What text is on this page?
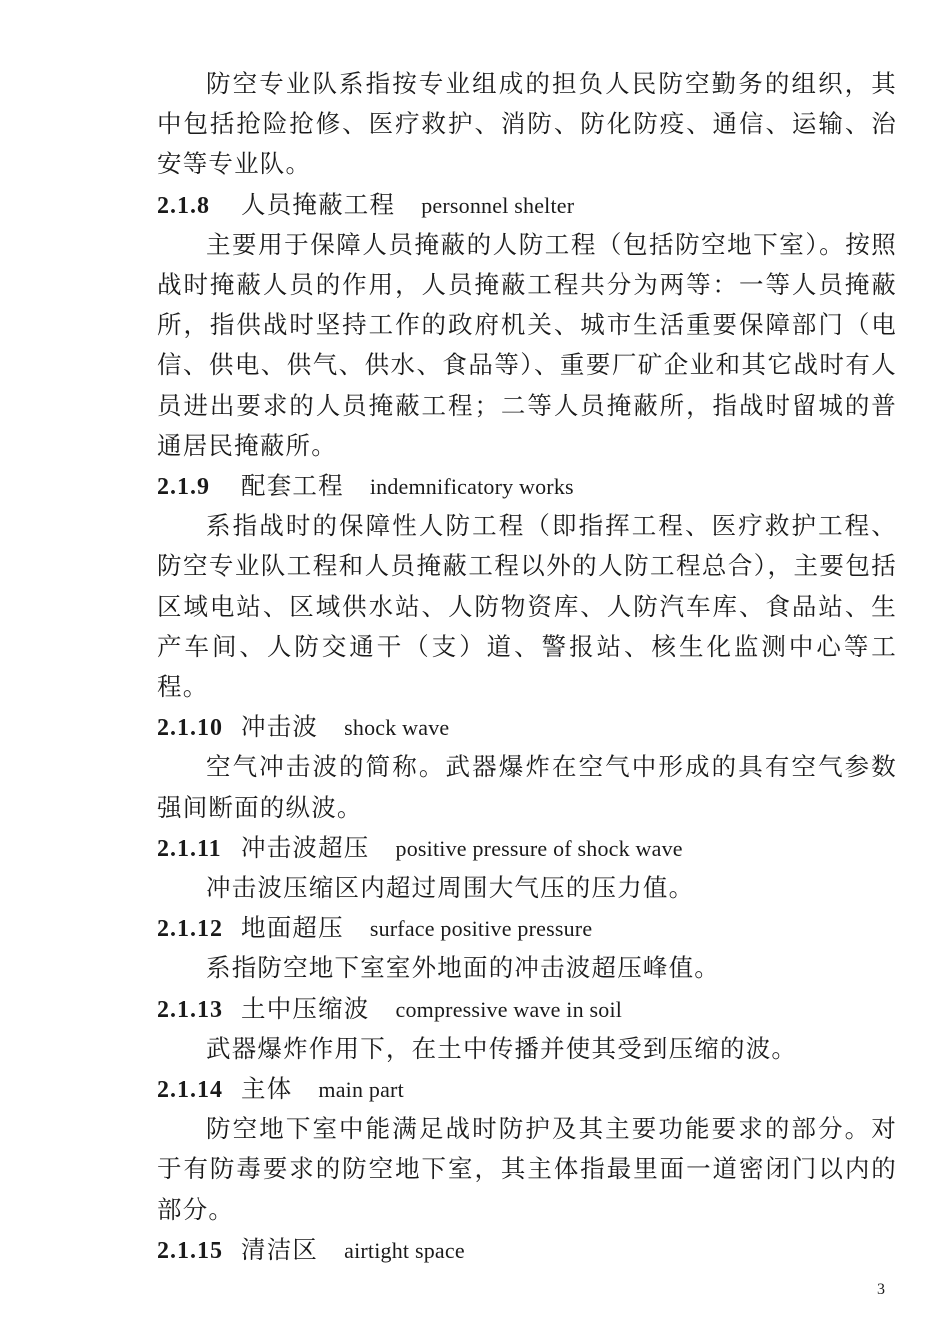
防空专业队系指按专业组成的担负人民防空勤务的组织，其中包括抢险抢修、医疗救护、消防、防化防疫、通信、运输、治安等专业队。

2.1.8 人员掩蔽工程 personnel shelter

主要用于保障人员掩蔽的人防工程（包括防空地下室）。按照战时掩蔽人员的作用，人员掩蔽工程共分为两等：一等人员掩蔽所，指供战时坚持工作的政府机关、城市生活重要保障部门（电信、供电、供气、供水、食品等）、重要厂矿企业和其它战时有人员进出要求的人员掩蔽工程；二等人员掩蔽所，指战时留城的普通居民掩蔽所。

2.1.9 配套工程 indemnificatory works

系指战时的保障性人防工程（即指挥工程、医疗救护工程、防空专业队工程和人员掩蔽工程以外的人防工程总合），主要包括区域电站、区域供水站、人防物资库、人防汽车库、食品站、生产车间、人防交通干（支）道、警报站、核生化监测中心等工程。

2.1.10 冲击波 shock wave

空气冲击波的简称。武器爆炸在空气中形成的具有空气参数强间断面的纵波。

2.1.11 冲击波超压 positive pressure of shock wave

冲击波压缩区内超过周围大气压的压力值。

2.1.12 地面超压 surface positive pressure

系指防空地下室室外地面的冲击波超压峰值。

2.1.13 土中压缩波 compressive wave in soil

武器爆炸作用下，在土中传播并使其受到压缩的波。

2.1.14 主体 main part

防空地下室中能满足战时防护及其主要功能要求的部分。对于有防毒要求的防空地下室，其主体指最里面一道密闭门以内的部分。

2.1.15 清洁区 airtight space
3
